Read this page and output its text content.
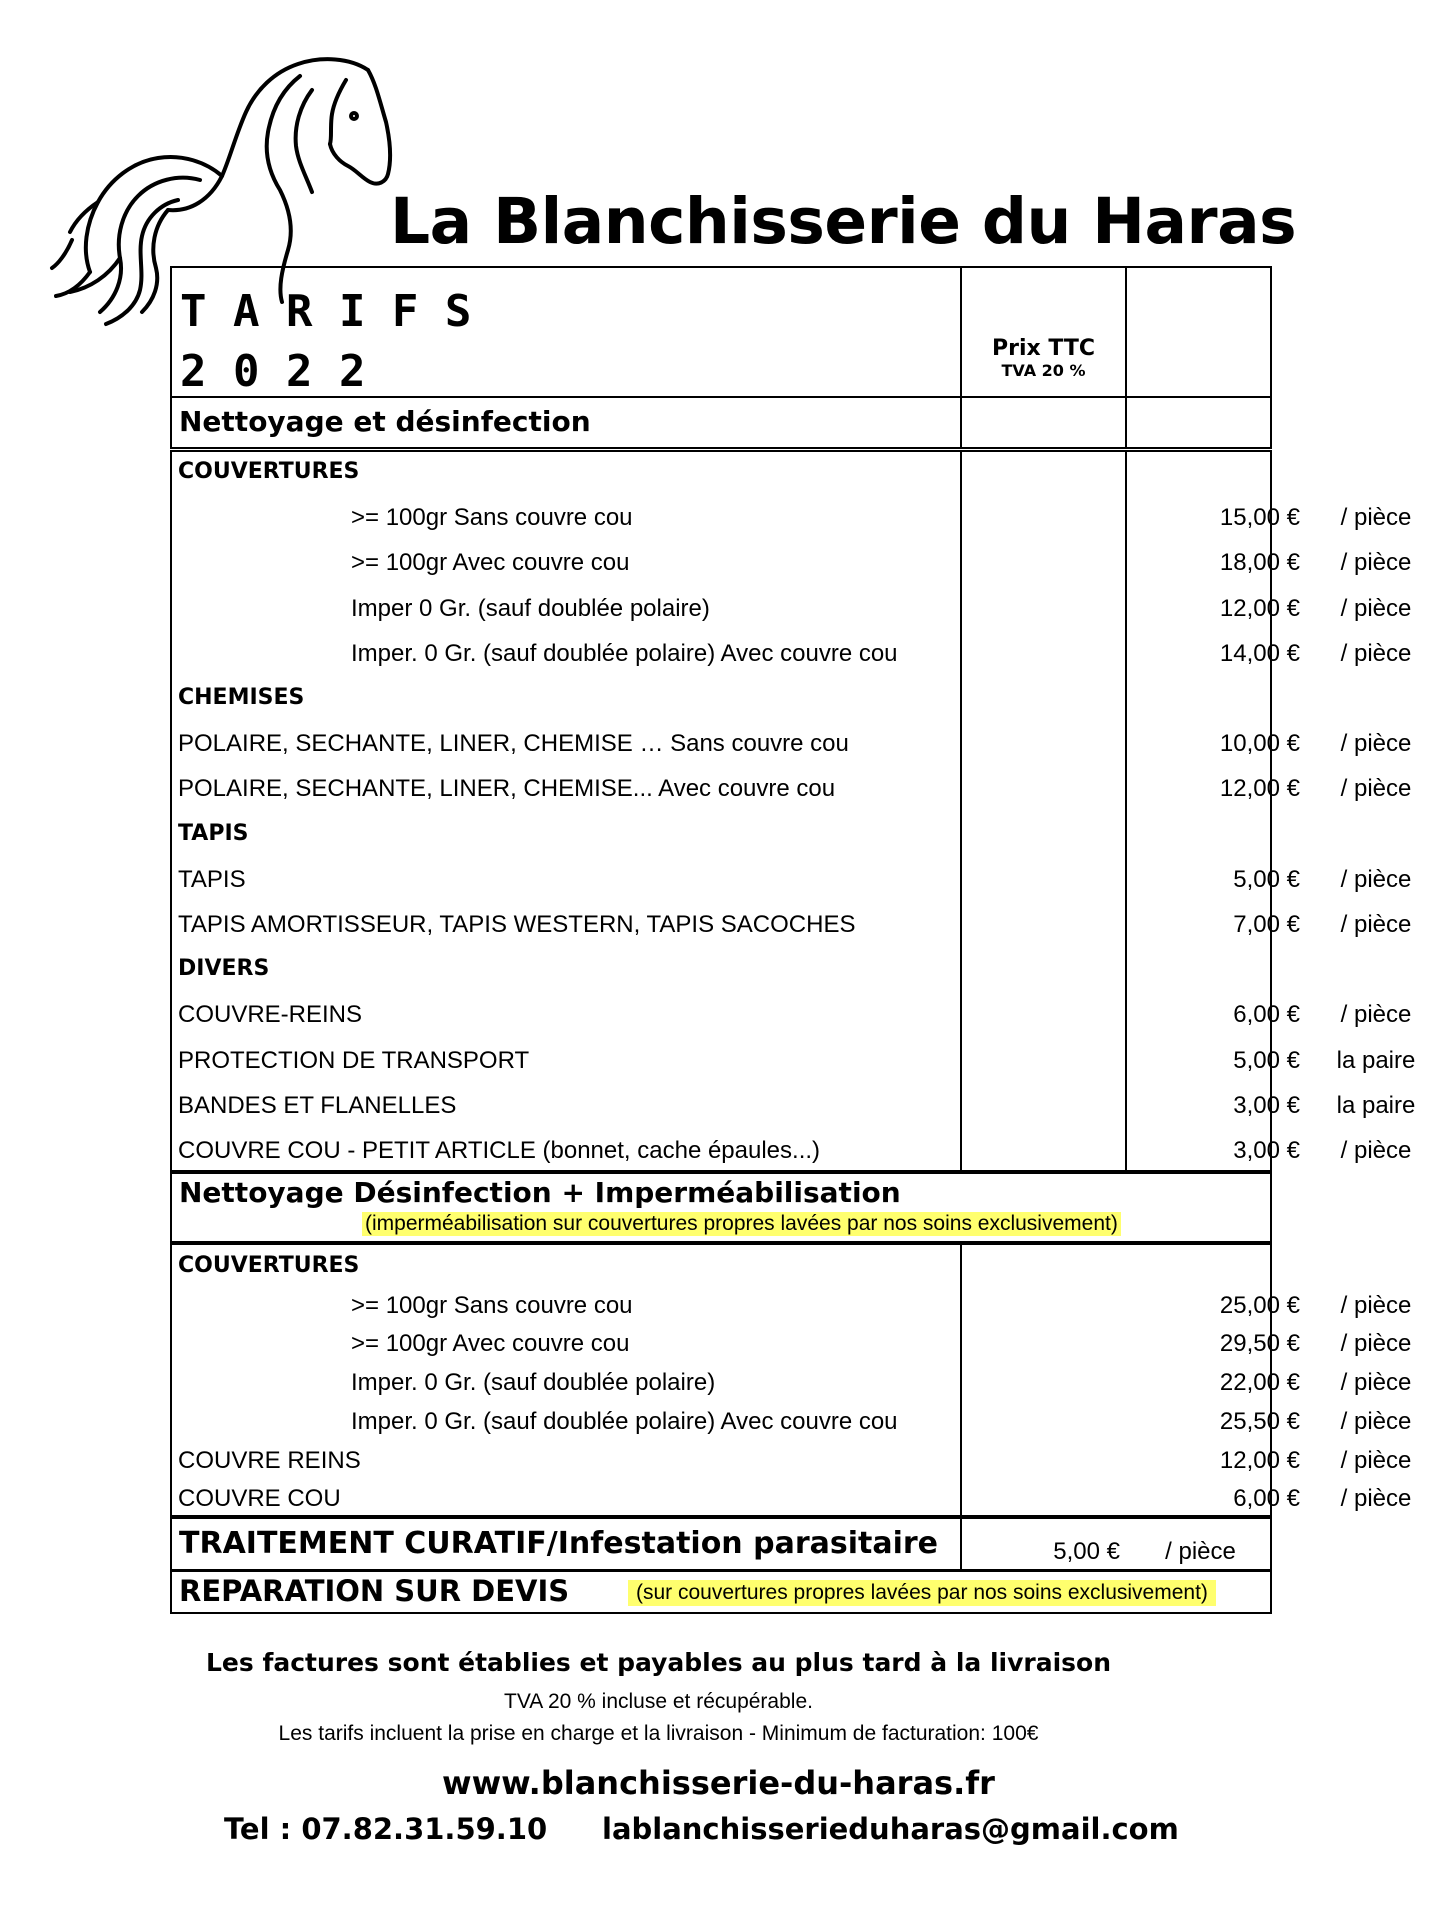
La Blanchisserie du Haras
T A R I F S
2 0 2 2	Prix TTC
TVA 20 %
Nettoyage et désinfection
COUVERTURES
>= 100gr Sans couvre cou	15,00 €	/ pièce
>= 100gr Avec couvre cou	18,00 €	/ pièce
Imper 0 Gr. (sauf doublée polaire)	12,00 €	/ pièce
Imper. 0 Gr. (sauf doublée polaire) Avec couvre cou	14,00 €	/ pièce
CHEMISES
POLAIRE, SECHANTE, LINER, CHEMISE … Sans couvre cou	10,00 €	/ pièce
POLAIRE, SECHANTE, LINER, CHEMISE... Avec couvre cou	12,00 €	/ pièce
TAPIS
TAPIS	5,00 €	/ pièce
TAPIS AMORTISSEUR, TAPIS WESTERN, TAPIS SACOCHES	7,00 €	/ pièce
DIVERS
COUVRE-REINS	6,00 €	/ pièce
PROTECTION DE TRANSPORT	5,00 €	la paire
BANDES ET FLANELLES	3,00 €	la paire
COUVRE COU - PETIT ARTICLE (bonnet, cache épaules...)	3,00 €	/ pièce
Nettoyage Désinfection + Imperméabilisation
(imperméabilisation sur couvertures propres lavées par nos soins exclusivement)
COUVERTURES
>= 100gr Sans couvre cou	25,00 €	/ pièce
>= 100gr Avec couvre cou	29,50 €	/ pièce
Imper. 0 Gr. (sauf doublée polaire)	22,00 €	/ pièce
Imper. 0 Gr. (sauf doublée polaire) Avec couvre cou	25,50 €	/ pièce
COUVRE REINS	12,00 €	/ pièce
COUVRE COU	6,00 €	/ pièce
TRAITEMENT CURATIF/Infestation parasitaire	5,00 €	/ pièce
REPARATION SUR DEVIS	(sur couvertures propres lavées par nos soins exclusivement)
Les factures sont établies et payables au plus tard à la livraison
TVA 20 % incluse et récupérable.
Les tarifs incluent la prise en charge et la livraison - Minimum de facturation: 100€
www.blanchisserie-du-haras.fr
Tel : 07.82.31.59.10 lablanchisserieduharas@gmail.com
